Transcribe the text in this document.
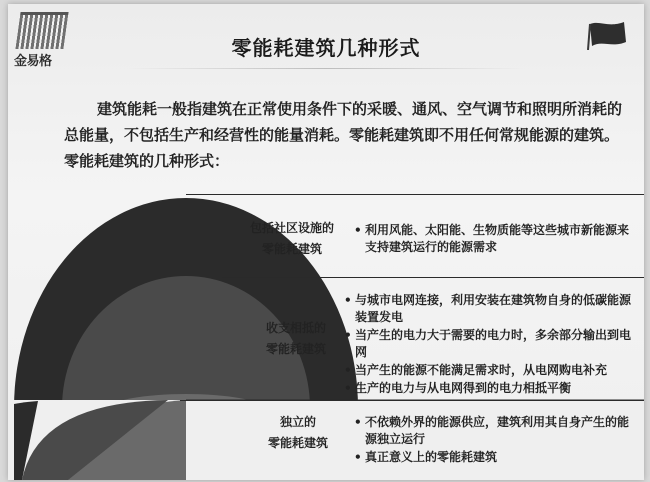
金易格
零能耗建筑几种形式
建筑能耗一般指建筑在正常使用条件下的采暖、通风、空气调节和照明所消耗的总能量，不包括生产和经营性的能量消耗。零能耗建筑即不用任何常规能源的建筑。零能耗建筑的几种形式：
包括社区设施的
零能耗建筑
• 利用风能、太阳能、生物质能等这些城市新能源来支持建筑运行的能源需求
收支相抵的
零能耗建筑
• 与城市电网连接，利用安装在建筑物自身的低碳能源装置发电
• 当产生的电力大于需要的电力时，多余部分输出到电网
• 当产生的能源不能满足需求时，从电网购电补充
• 生产的电力与从电网得到的电力相抵平衡
独立的
零能耗建筑
• 不依赖外界的能源供应，建筑利用其自身产生的能源独立运行
• 真正意义上的零能耗建筑
